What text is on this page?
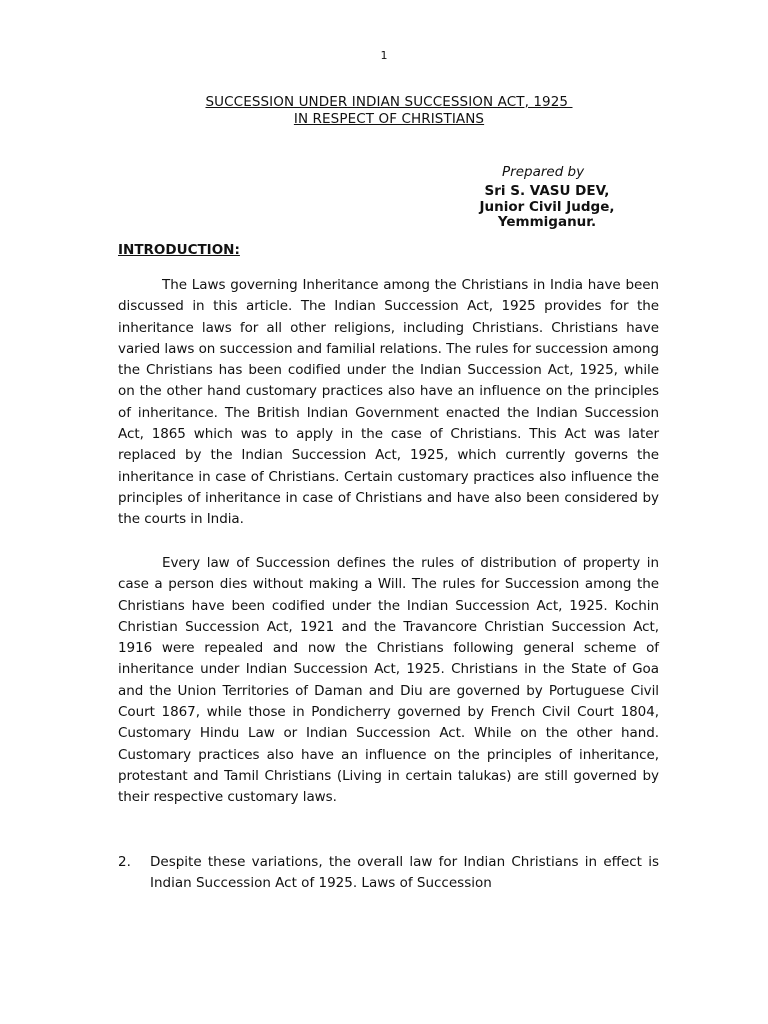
1
SUCCESSION UNDER INDIAN SUCCESSION ACT, 1925
IN RESPECT OF CHRISTIANS
Prepared by
Sri S. VASU DEV,
Junior Civil Judge,
Yemmiganur.
INTRODUCTION:

The Laws governing Inheritance among the Christians in India have been discussed in this article. The Indian Succession Act, 1925 provides for the inheritance laws for all other religions, including Christians. Christians have varied laws on succession and familial relations. The rules for succession among the Christians has been codified under the Indian Succession Act, 1925, while on the other hand customary practices also have an influence on the principles of inheritance. The British Indian Government enacted the Indian Succession Act, 1865 which was to apply in the case of Christians. This Act was later replaced by the Indian Succession Act, 1925, which currently governs the inheritance in case of Christians. Certain customary practices also influence the principles of inheritance in case of Christians and have also been considered by the courts in India.

Every law of Succession defines the rules of distribution of property in case a person dies without making a Will. The rules for Succession among the Christians have been codified under the Indian Succession Act, 1925. Kochin Christian Succession Act, 1921 and the Travancore Christian Succession Act, 1916 were repealed and now the Christians following general scheme of inheritance under Indian Succession Act, 1925. Christians in the State of Goa and the Union Territories of Daman and Diu are governed by Portuguese Civil Court 1867, while those in Pondicherry governed by French Civil Court 1804, Customary Hindu Law or Indian Succession Act. While on the other hand. Customary practices also have an influence on the principles of inheritance, protestant and Tamil Christians (Living in certain talukas) are still governed by their respective customary laws.

2. Despite these variations, the overall law for Indian Christians in effect is Indian Succession Act of 1925. Laws of Succession
